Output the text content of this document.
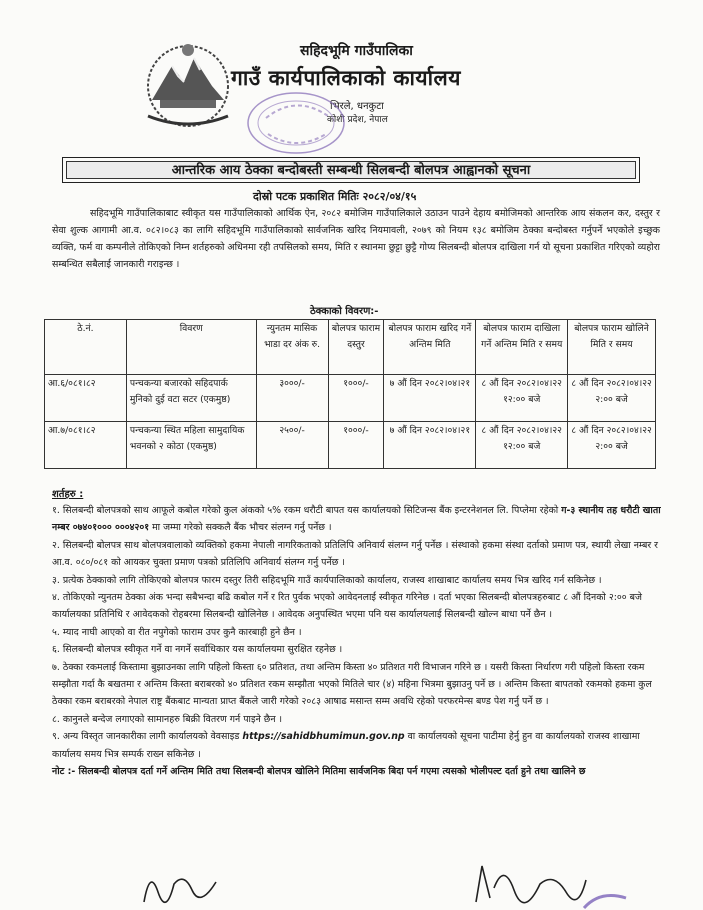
सहिदभूमि गाउँपालिका
गाउँ कार्यपालिकाको कार्यालय
भिरले, धनकुटा
कोशी प्रदेश, नेपाल
आन्तरिक आय ठेक्का बन्दोबस्ती सम्बन्धी सिलबन्दी बोलपत्र आह्वानको सूचना
दोस्रो पटक प्रकाशित मितिः २०८२/०४/१५
सहिदभूमि गाउँपालिकाबाट स्वीकृत यस गाउँपालिकाको आर्थिक ऐन, २०८२ बमोजिम गाउँपालिकाले उठाउन पाउने देहाय बमोजिमको आन्तरिक आय संकलन कर, दस्तुर र सेवा शुल्क आगामी आ.व. ०८२।०८३ का लागि सहिदभूमि गाउँपालिकाको सार्वजनिक खरिद नियमावली, २०७९ को नियम १३८ बमोजिम ठेक्का बन्दोबस्त गर्नुपर्ने भएकोले इच्छुक व्यक्ति, फर्म वा कम्पनीले तोकिएको निम्न शर्तहरुको अधिनमा रही तपसिलको समय, मिति र स्थानमा छुट्टा छुट्टै गोप्य सिलबन्दी बोलपत्र दाखिला गर्न यो सूचना प्रकाशित गरिएको व्यहोरा सम्बन्धित सबैलाई जानकारी गराइन्छ ।
ठेक्काको विवरण:-
ठे.नं.	विवरण	न्युनतम मासिक भाडा दर अंक रु.	बोलपत्र फाराम दस्तुर	बोलपत्र फाराम खरिद गर्ने अन्तिम मिति	बोलपत्र फाराम दाखिला गर्ने अन्तिम मिति र समय	बोलपत्र फाराम खोलिने मिति र समय
आ.६/०८१।८२	पन्चकन्या बजारको सहिदपार्क मुनिको दुई वटा सटर (एकमुष्ठ)	३०००/-	१०००/-	७ औं दिन २०८२।०४।२१	८ औं दिन २०८२।०४।२२ १२:०० बजे	८ औं दिन २०८२।०४।२२ २:०० बजे
आ.७/०८१।८२	पन्चकन्या स्थित महिला सामुदायिक भवनको २ कोठा (एकमुष्ठ)	२५००/-	१०००/-	७ औं दिन २०८२।०४।२१	८ औं दिन २०८२।०४।२२ १२:०० बजे	८ औं दिन २०८२।०४।२२ २:०० बजे
शर्तहरु :

१. सिलबन्दी बोलपत्रको साथ आफूले कबोल गरेको कुल अंकको ५% रकम धरौटी बापत यस कार्यालयको सिटिजन्स बैंक इन्टरनेशनल लि. पिप्लेमा रहेको ग-३ स्थानीय तह धरौटी खाता नम्बर ०७४०१००० ०००४२०१ मा जम्मा गरेको सक्कलै बैंक भौचर संलग्न गर्नु पर्नेछ ।

२. सिलबन्दी बोलपत्र साथ बोलपत्रवालाको व्यक्तिको हकमा नेपाली नागरिकताको प्रतिलिपि अनिवार्य संलग्न गर्नु पर्नेछ । संस्थाको हकमा संस्था दर्ताको प्रमाण पत्र, स्थायी लेखा नम्बर र आ.व. ०८०/०८१ को आयकर चुक्ता प्रमाण पत्रको प्रतिलिपि अनिवार्य संलग्न गर्नु पर्नेछ ।

३. प्रत्येक ठेक्काको लागि तोकिएको बोलपत्र फारम दस्तुर तिरी सहिदभूमि गाउँ कार्यपालिकाको कार्यालय, राजस्व शाखाबाट कार्यालय समय भित्र खरिद गर्न सकिनेछ ।

४. तोकिएको न्युनतम ठेक्का अंक भन्दा सबैभन्दा बढि कबोल गर्ने र रित पुर्वक भएको आवेदनलाई स्वीकृत गरिनेछ । दर्ता भएका सिलबन्दी बोलपत्रहरुबाट ८ औं दिनको २:०० बजे कार्यालयका प्रतिनिधि र आवेदकको रोहबरमा सिलबन्दी खोलिनेछ । आवेदक अनुपस्थित भएमा पनि यस कार्यालयलाई सिलबन्दी खोल्न बाधा पर्ने छैन ।

५. म्याद नाघी आएको वा रीत नपुगेको फाराम उपर कुनै कारबाही हुने छैन ।

६. सिलबन्दी बोलपत्र स्वीकृत गर्ने वा नगर्ने सर्वाधिकार यस कार्यालयमा सुरक्षित रहनेछ ।

७. ठेक्का रकमलाई किस्तामा बुझाउनका लागि पहिलो किस्ता ६० प्रतिशत, तथा अन्तिम किस्ता ४० प्रतिशत गरी विभाजन गरिने छ । यसरी किस्ता निर्धारण गरी पहिलो किस्ता रकम सम्झौता गर्दा कै बखतमा र अन्तिम किस्ता बराबरको ४० प्रतिशत रकम सम्झौता भएको मितिले चार (४) महिना भित्रमा बुझाउनु पर्ने छ । अन्तिम किस्ता बापतको रकमको हकमा कुल ठेक्का रकम बराबरको नेपाल राष्ट्र बैंकबाट मान्यता प्राप्त बैंकले जारी गरेको २०८३ आषाढ मसान्त सम्म अवधि रहेको परफरमेन्स बण्ड पेश गर्नु पर्ने छ ।

८. कानुनले बन्देज लगाएको सामानहरु बिक्री वितरण गर्न पाइने छैन ।

९. अन्य विस्तृत जानकारीका लागी कार्यालयको वेवसाइड https://sahidbhumimun.gov.np वा कार्यालयको सूचना पाटीमा हेर्नु हुन वा कार्यालयको राजस्व शाखामा कार्यालय समय भित्र सम्पर्क राख्न सकिनेछ ।

नोट :- सिलबन्दी बोलपत्र दर्ता गर्ने अन्तिम मिति तथा सिलबन्दी बोलपत्र खोलिने मितिमा सार्वजनिक बिदा पर्न गएमा त्यसको भोलीपल्ट दर्ता हुने तथा खालिने छ
